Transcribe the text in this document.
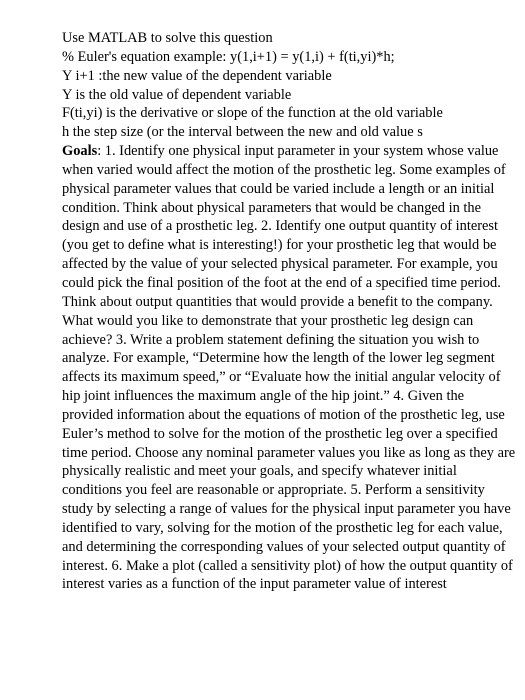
Use MATLAB to solve this question

% Euler's equation example: y(1,i+1) = y(1,i) + f(ti,yi)*h;

Y i+1 :the new value of the dependent variable

Y is the old value of dependent variable

F(ti,yi) is the derivative or slope of the function at the old variable

h the step size (or the interval between the new and old value s

Goals: 1. Identify one physical input parameter in your system whose value when varied would affect the motion of the prosthetic leg. Some examples of physical parameter values that could be varied include a length or an initial condition. Think about physical parameters that would be changed in the design and use of a prosthetic leg. 2. Identify one output quantity of interest (you get to define what is interesting!) for your prosthetic leg that would be affected by the value of your selected physical parameter. For example, you could pick the final position of the foot at the end of a specified time period. Think about output quantities that would provide a benefit to the company. What would you like to demonstrate that your prosthetic leg design can achieve? 3. Write a problem statement defining the situation you wish to analyze. For example, “Determine how the length of the lower leg segment affects its maximum speed,” or “Evaluate how the initial angular velocity of hip joint influences the maximum angle of the hip joint.” 4. Given the provided information about the equations of motion of the prosthetic leg, use Euler’s method to solve for the motion of the prosthetic leg over a specified time period. Choose any nominal parameter values you like as long as they are physically realistic and meet your goals, and specify whatever initial conditions you feel are reasonable or appropriate. 5. Perform a sensitivity study by selecting a range of values for the physical input parameter you have identified to vary, solving for the motion of the prosthetic leg for each value, and determining the corresponding values of your selected output quantity of interest. 6. Make a plot (called a sensitivity plot) of how the output quantity of interest varies as a function of the input parameter value of interest
